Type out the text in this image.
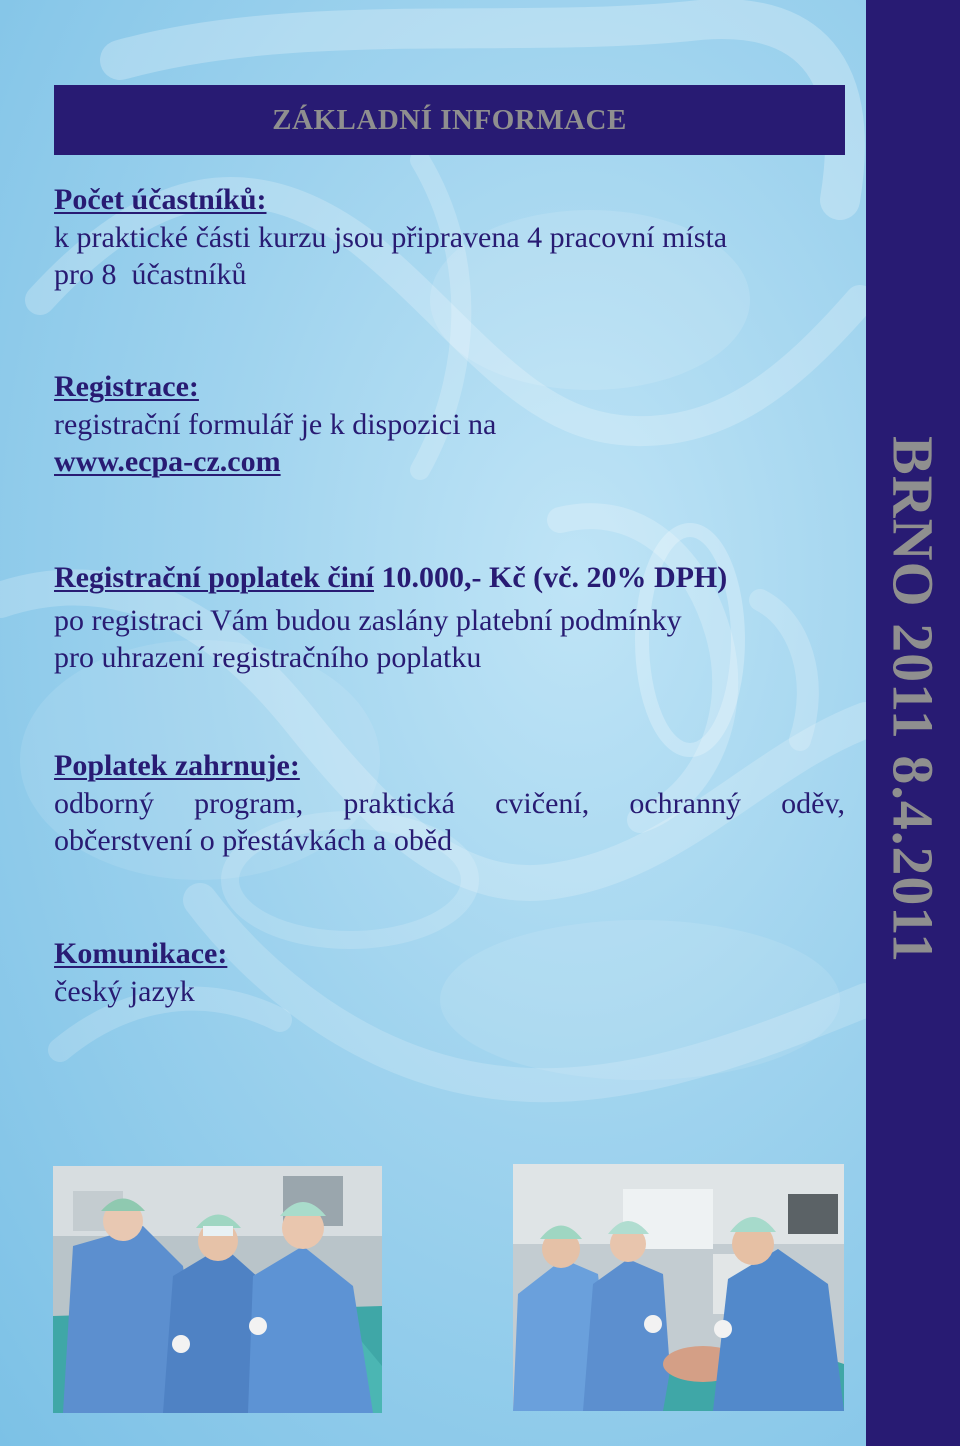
BRNO 2011 8.4.2011
ZÁKLADNÍ INFORMACE
Počet účastníků:
k praktické části kurzu jsou připravena 4 pracovní místa
pro 8  účastníků
Registrace:
registrační formulář je k dispozici na
www.ecpa-cz.com
Registrační poplatek činí 10.000,- Kč (vč. 20% DPH)
po registraci Vám budou zaslány platební podmínky
pro uhrazení registračního poplatku
Poplatek zahrnuje:
odborný program, praktická cvičení, ochranný oděv,
občerstvení o přestávkách a oběd
Komunikace:
český jazyk
